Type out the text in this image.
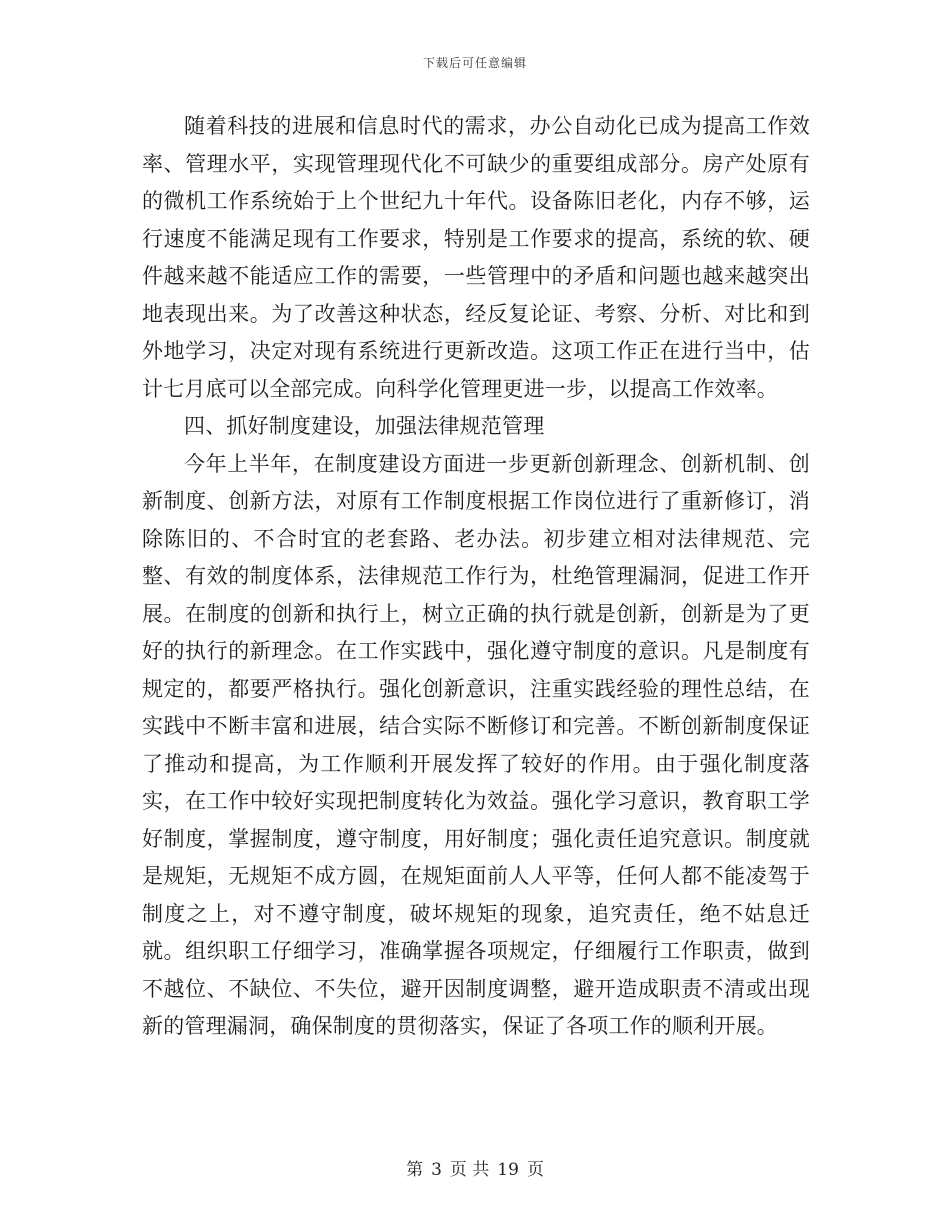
下载后可任意编辑

随着科技的进展和信息时代的需求，办公自动化已成为提高工作效率、管理水平，实现管理现代化不可缺少的重要组成部分。房产处原有的微机工作系统始于上个世纪九十年代。设备陈旧老化，内存不够，运行速度不能满足现有工作要求，特别是工作要求的提高，系统的软、硬件越来越不能适应工作的需要，一些管理中的矛盾和问题也越来越突出地表现出来。为了改善这种状态，经反复论证、考察、分析、对比和到外地学习，决定对现有系统进行更新改造。这项工作正在进行当中，估计七月底可以全部完成。向科学化管理更进一步，以提高工作效率。

四、抓好制度建设，加强法律规范管理

今年上半年，在制度建设方面进一步更新创新理念、创新机制、创新制度、创新方法，对原有工作制度根据工作岗位进行了重新修订，消除陈旧的、不合时宜的老套路、老办法。初步建立相对法律规范、完整、有效的制度体系，法律规范工作行为，杜绝管理漏洞，促进工作开展。在制度的创新和执行上，树立正确的执行就是创新，创新是为了更好的执行的新理念。在工作实践中，强化遵守制度的意识。凡是制度有规定的，都要严格执行。强化创新意识，注重实践经验的理性总结，在实践中不断丰富和进展，结合实际不断修订和完善。不断创新制度保证了推动和提高，为工作顺利开展发挥了较好的作用。由于强化制度落实，在工作中较好实现把制度转化为效益。强化学习意识，教育职工学好制度，掌握制度，遵守制度，用好制度；强化责任追究意识。制度就是规矩，无规矩不成方圆，在规矩面前人人平等，任何人都不能凌驾于制度之上，对不遵守制度，破坏规矩的现象，追究责任，绝不姑息迁就。组织职工仔细学习，准确掌握各项规定，仔细履行工作职责，做到不越位、不缺位、不失位，避开因制度调整，避开造成职责不清或出现新的管理漏洞，确保制度的贯彻落实，保证了各项工作的顺利开展。

第 3 页 共 19 页
